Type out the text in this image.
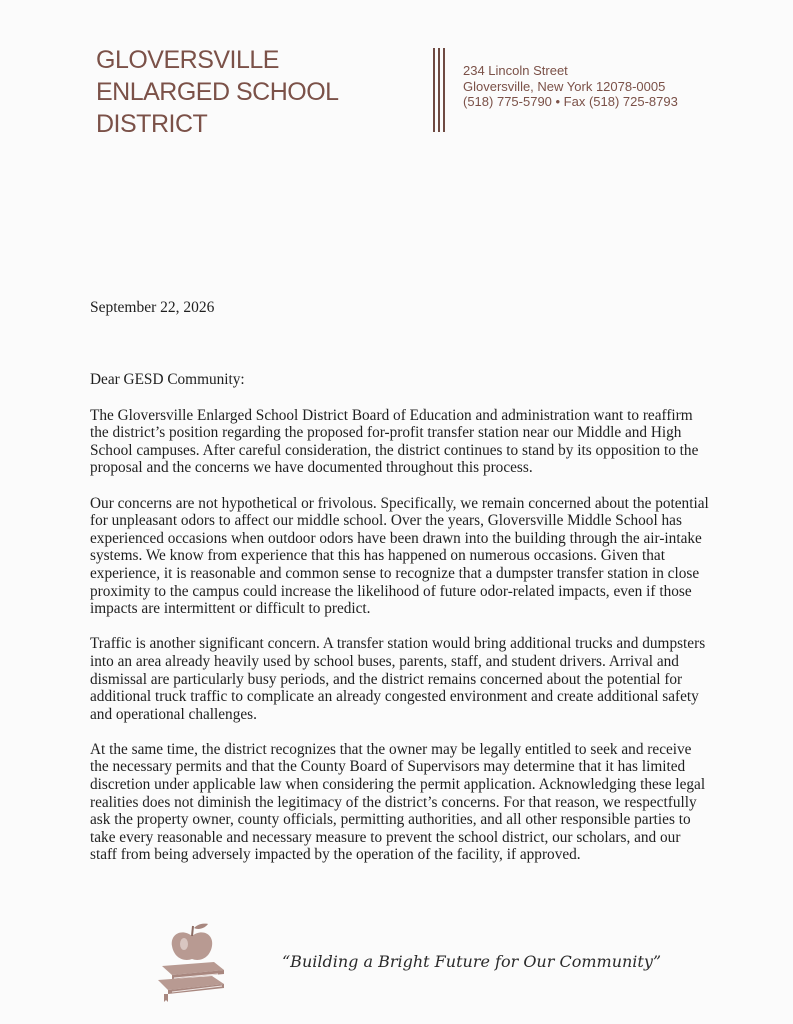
GLOVERSVILLE
ENLARGED SCHOOL DISTRICT
234 Lincoln Street
Gloversville, New York 12078-0005
(518) 775-5790 • Fax (518) 725-8793
September 22, 2026

Dear GESD Community:

The Gloversville Enlarged School District Board of Education and administration want to reaffirm the district’s position regarding the proposed for-profit transfer station near our Middle and High School campuses. After careful consideration, the district continues to stand by its opposition to the proposal and the concerns we have documented throughout this process.

Our concerns are not hypothetical or frivolous. Specifically, we remain concerned about the potential for unpleasant odors to affect our middle school. Over the years, Gloversville Middle School has experienced occasions when outdoor odors have been drawn into the building through the air-intake systems. We know from experience that this has happened on numerous occasions. Given that experience, it is reasonable and common sense to recognize that a dumpster transfer station in close proximity to the campus could increase the likelihood of future odor-related impacts, even if those impacts are intermittent or difficult to predict.

Traffic is another significant concern. A transfer station would bring additional trucks and dumpsters into an area already heavily used by school buses, parents, staff, and student drivers. Arrival and dismissal are particularly busy periods, and the district remains concerned about the potential for additional truck traffic to complicate an already congested environment and create additional safety and operational challenges.

At the same time, the district recognizes that the owner may be legally entitled to seek and receive the necessary permits and that the County Board of Supervisors may determine that it has limited discretion under applicable law when considering the permit application. Acknowledging these legal realities does not diminish the legitimacy of the district’s concerns. For that reason, we respectfully ask the property owner, county officials, permitting authorities, and all other responsible parties to take every reasonable and necessary measure to prevent the school district, our scholars, and our staff from being adversely impacted by the operation of the facility, if approved.

“Building a Bright Future for Our Community”
